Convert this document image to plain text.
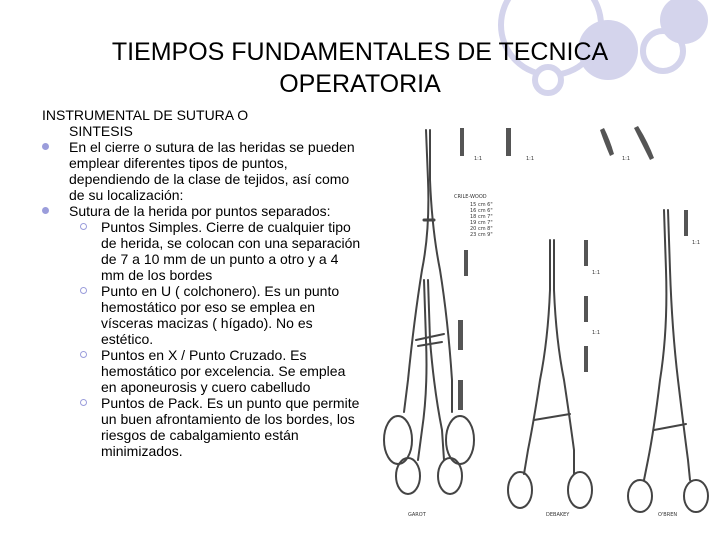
TIEMPOS FUNDAMENTALES DE TECNICA OPERATORIA

INSTRUMENTAL DE SUTURA O
SINTESIS

En el cierre o sutura de las heridas se pueden emplear diferentes tipos de puntos, dependiendo de la clase de tejidos, así como de su localización:

Sutura de la herida por puntos separados:

Puntos Simples. Cierre de cualquier tipo de herida, se colocan con una separación de 7 a 10 mm de un punto a otro y a 4 mm de los bordes

Punto en U ( colchonero). Es un punto hemostático por eso se emplea en vísceras macizas ( hígado). No es estético.

Puntos en X / Punto Cruzado. Es hemostático por excelencia. Se emplea en aponeurosis y cuero cabelludo

Puntos de Pack. Es un punto que permite un buen afrontamiento de los bordes, los riesgos de cabalgamiento están minimizados.

CRILE-WOOD
15 cm 6"
16 cm 6"
18 cm 7"
19 cm 7"
20 cm 8"
23 cm 9"
1:1	1:1	1:1
1:1
1:1
1:1
GAROT	DEBAKEY	O'BREN
